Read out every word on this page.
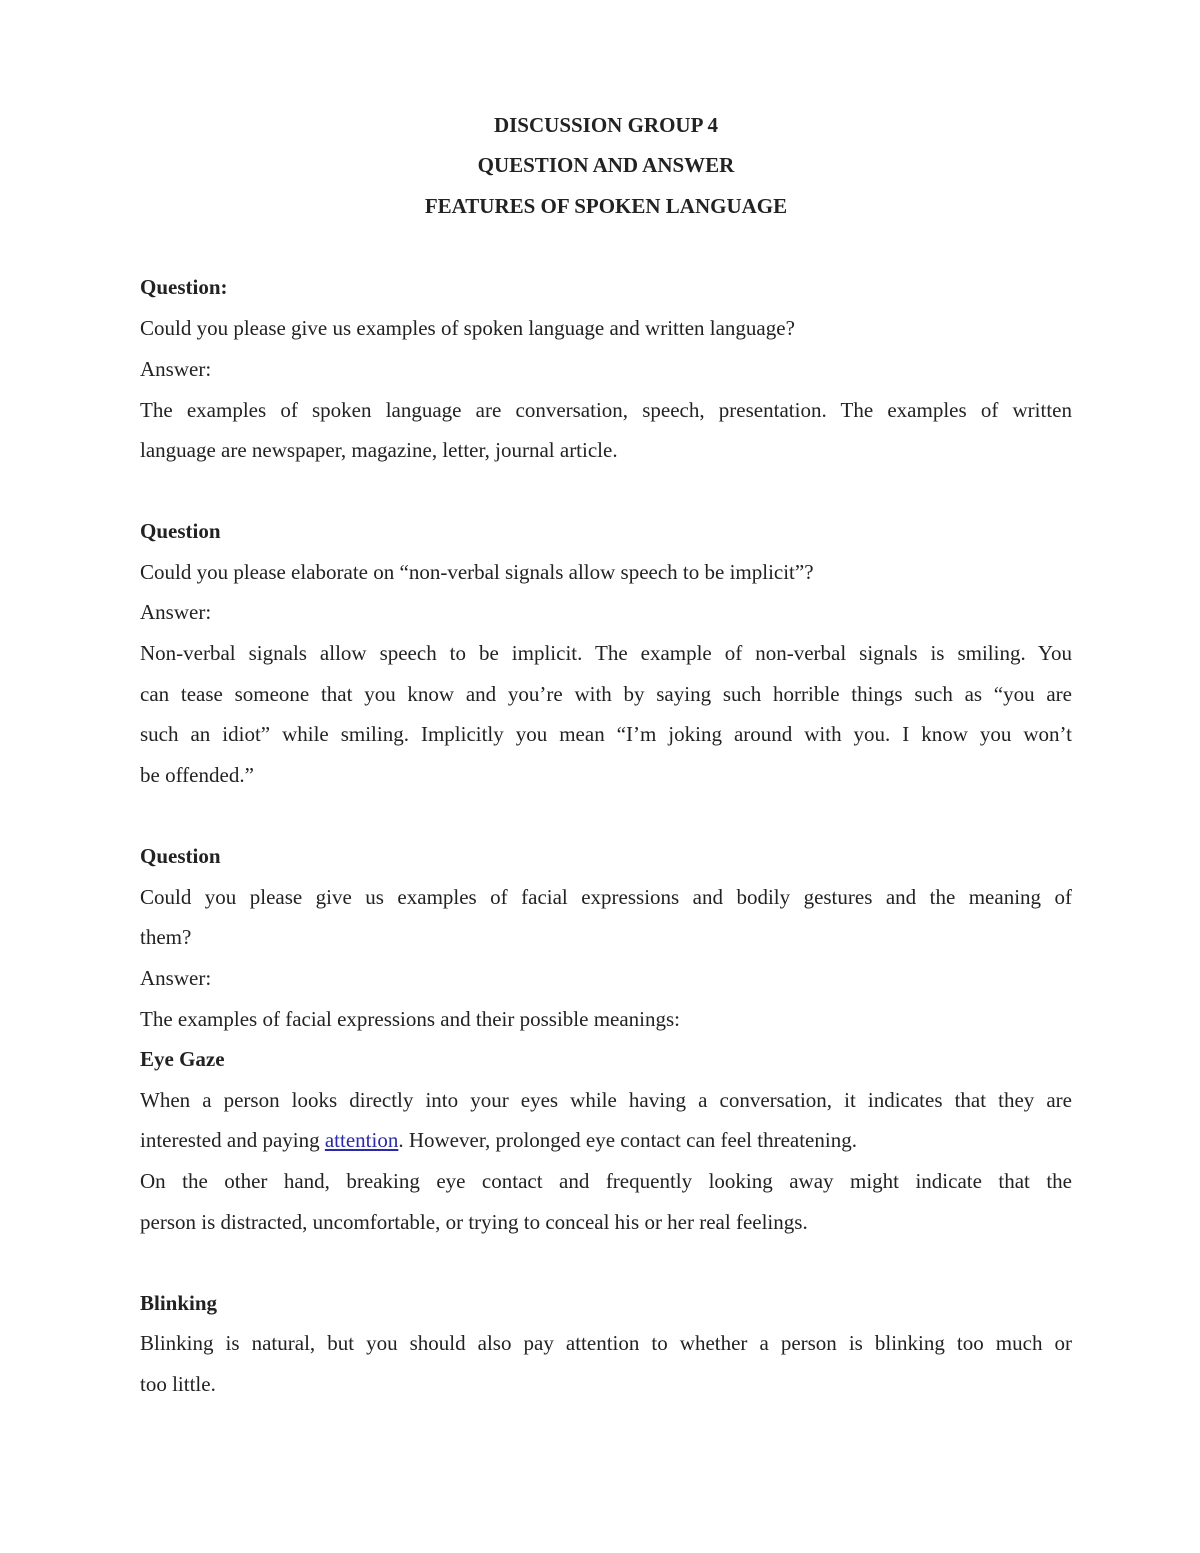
DISCUSSION GROUP 4
QUESTION AND ANSWER
FEATURES OF SPOKEN LANGUAGE
Question:
Could you please give us examples of spoken language and written language?
Answer:
The examples of spoken language are conversation, speech, presentation. The examples of written
language are newspaper, magazine, letter, journal article.
Question
Could you please elaborate on “non-verbal signals allow speech to be implicit”?
Answer:
Non-verbal signals allow speech to be implicit. The example of non-verbal signals is smiling. You
can tease someone that you know and you’re with by saying such horrible things such as “you are
such an idiot” while smiling. Implicitly you mean “I’m joking around with you. I know you won’t
be offended.”
Question
Could you please give us examples of facial expressions and bodily gestures and the meaning of
them?
Answer:
The examples of facial expressions and their possible meanings:
Eye Gaze
When a person looks directly into your eyes while having a conversation, it indicates that they are
interested and paying attention. However, prolonged eye contact can feel threatening.
On the other hand, breaking eye contact and frequently looking away might indicate that the
person is distracted, uncomfortable, or trying to conceal his or her real feelings.
Blinking
Blinking is natural, but you should also pay attention to whether a person is blinking too much or
too little.
